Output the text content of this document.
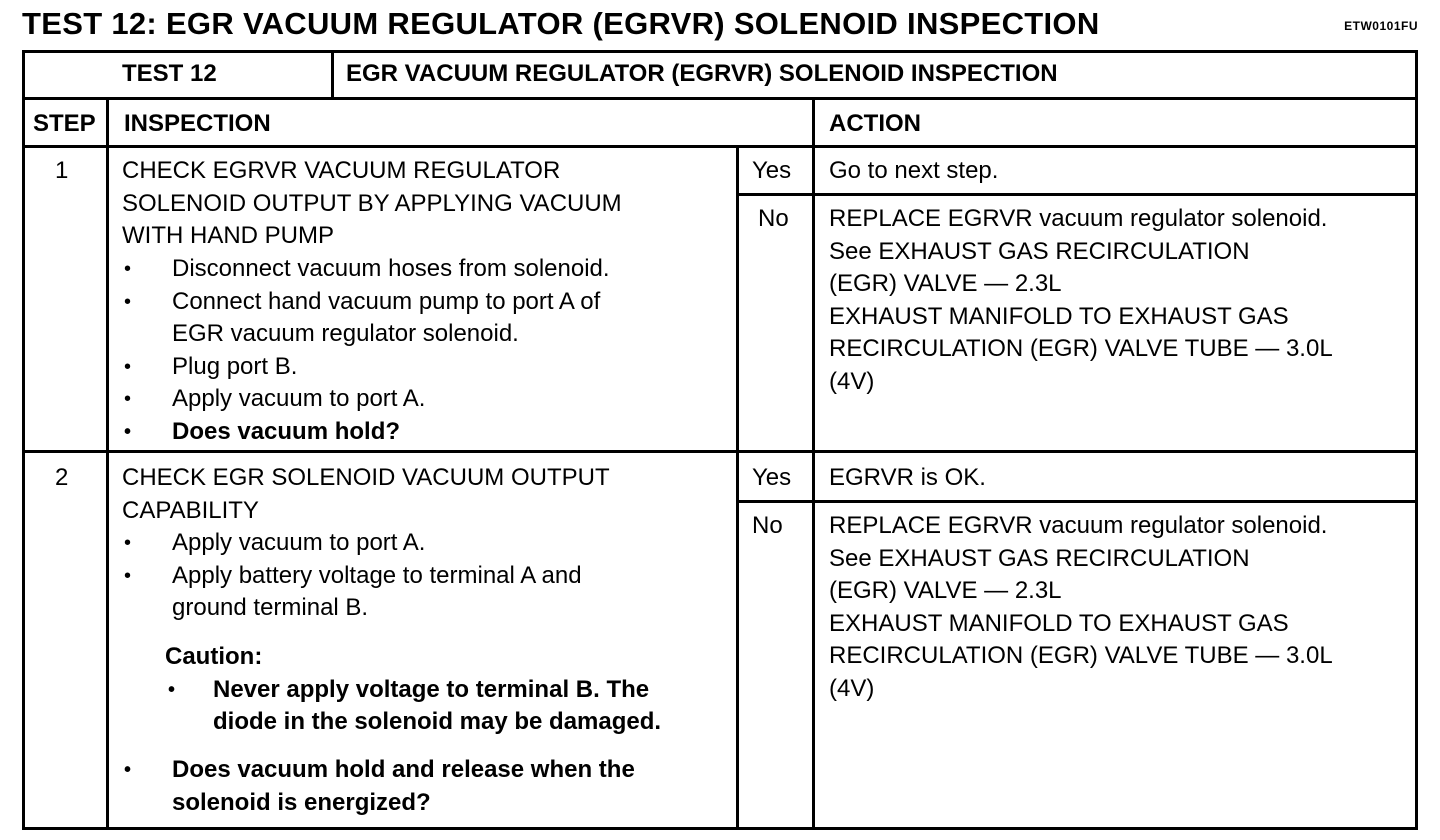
TEST 12: EGR VACUUM REGULATOR (EGRVR) SOLENOID INSPECTION	ETW0101FU
TEST 12	EGR VACUUM REGULATOR (EGRVR) SOLENOID INSPECTION
STEP INSPECTION	ACTION
1 CHECK EGRVR VACUUM REGULATOR
SOLENOID OUTPUT BY APPLYING VACUUM
WITH HAND PUMP
• Disconnect vacuum hoses from solenoid.
• Connect hand vacuum pump to port A of
EGR vacuum regulator solenoid.
• Plug port B.
• Apply vacuum to port A.
• Does vacuum hold?
Yes Go to next step.
No REPLACE EGRVR vacuum regulator solenoid.
See EXHAUST GAS RECIRCULATION
(EGR) VALVE — 2.3L
EXHAUST MANIFOLD TO EXHAUST GAS
RECIRCULATION (EGR) VALVE TUBE — 3.0L
(4V)
2 CHECK EGR SOLENOID VACUUM OUTPUT
CAPABILITY
• Apply vacuum to port A.
• Apply battery voltage to terminal A and
ground terminal B.
Caution:
• Never apply voltage to terminal B. The
diode in the solenoid may be damaged.
• Does vacuum hold and release when the
solenoid is energized?
Yes EGRVR is OK.
No REPLACE EGRVR vacuum regulator solenoid.
See EXHAUST GAS RECIRCULATION
(EGR) VALVE — 2.3L
EXHAUST MANIFOLD TO EXHAUST GAS
RECIRCULATION (EGR) VALVE TUBE — 3.0L
(4V)
